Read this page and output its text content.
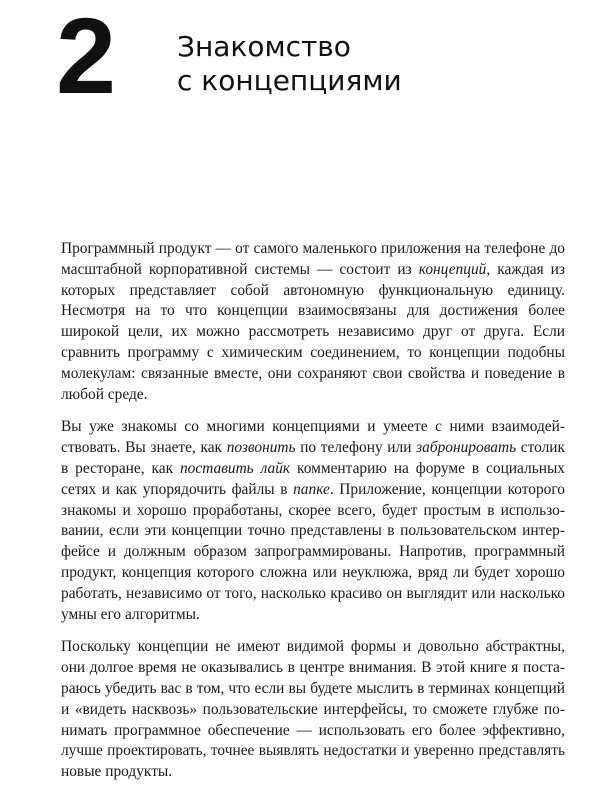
2 Знакомство
с концепциями

Программный продукт — от самого маленького приложения на телефоне до масштабной корпоративной системы — состоит из концепций, каждая из которых представляет собой автономную функциональную единицу. Несмотря на то что концепции взаимосвязаны для достижения более широкой цели, их можно рассмотреть независимо друг от друга. Если сравнить программу с химическим соединением, то концепции подобны молекулам: связанные вместе, они сохраняют свои свойства и поведение в любой среде.

Вы уже знакомы со многими концепциями и умеете с ними взаимодействовать. Вы знаете, как позвонить по телефону или забронировать столик в ресторане, как поставить лайк комментарию на форуме в социальных сетях и как упорядочить файлы в папке. Приложение, концепции которого знакомы и хорошо проработаны, скорее всего, будет простым в использовании, если эти концепции точно представлены в пользовательском интерфейсе и должным образом запрограммированы. Напротив, программный продукт, концепция которого сложна или неуклюжа, вряд ли будет хорошо работать, независимо от того, насколько красиво он выглядит или насколько умны его алгоритмы.

Поскольку концепции не имеют видимой формы и довольно абстрактны, они долгое время не оказывались в центре внимания. В этой книге я постараюсь убедить вас в том, что если вы будете мыслить в терминах концепций и «видеть насквозь» пользовательские интерфейсы, то сможете глубже понимать программное обеспечение — использовать его более эффективно, лучше проектировать, точнее выявлять недостатки и уверенно представлять новые продукты.
